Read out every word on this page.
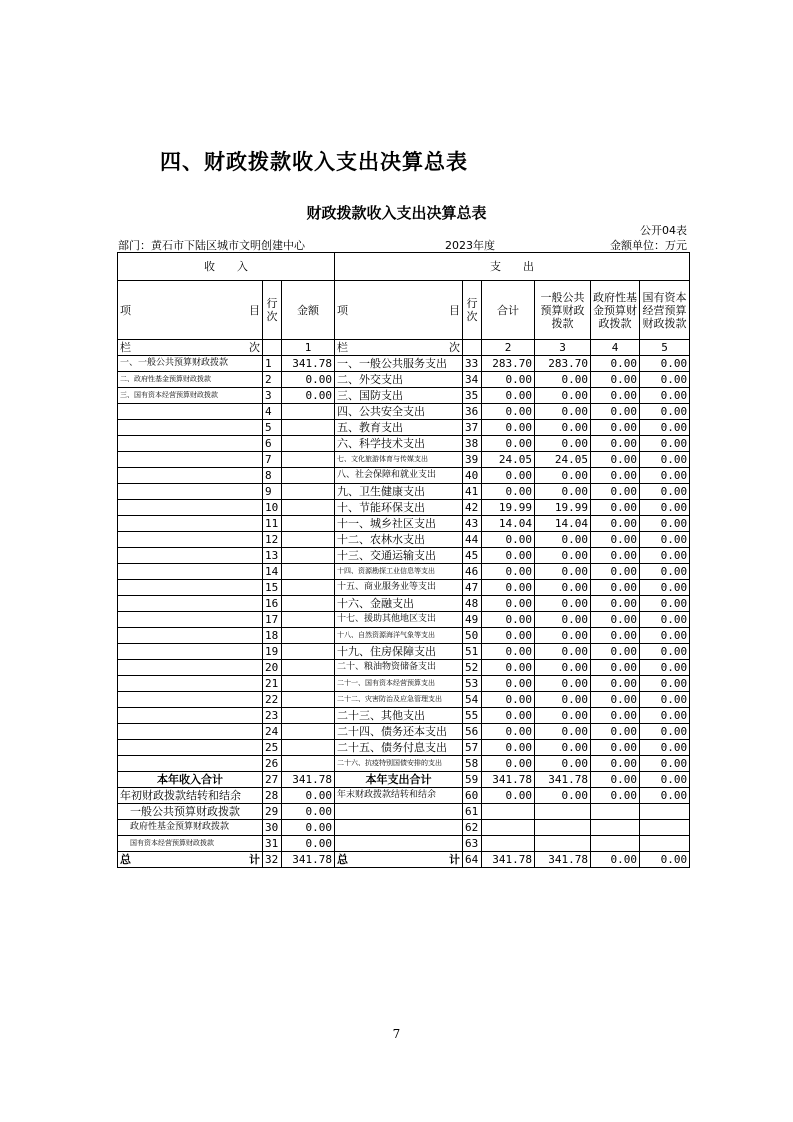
四、财政拨款收入支出决算总表
财政拨款收入支出决算总表
公开04表
部门：黄石市下陆区城市文明创建中心	2023年度	金额单位：万元
收　　入			支　　出					

项 目	行次	金额	项 目	行次	合计	一般公共预算财政拨款	政府性基金预算财政拨款	国有资本经营预算财政拨款

栏 次		1	栏 次		2	3	4	5
一、一般公共预算财政拨款	1	341.78	一、一般公共服务支出	33	283.70	283.70	0.00	0.00
二、政府性基金预算财政拨款	2	0.00	二、外交支出	34	0.00	0.00	0.00	0.00
三、国有资本经营预算财政拨款	3	0.00	三、国防支出	35	0.00	0.00	0.00	0.00
	4		四、公共安全支出	36	0.00	0.00	0.00	0.00
	5		五、教育支出	37	0.00	0.00	0.00	0.00
	6		六、科学技术支出	38	0.00	0.00	0.00	0.00
	7		七、文化旅游体育与传媒支出	39	24.05	24.05	0.00	0.00
	8		八、社会保障和就业支出	40	0.00	0.00	0.00	0.00
	9		九、卫生健康支出	41	0.00	0.00	0.00	0.00
	10		十、节能环保支出	42	19.99	19.99	0.00	0.00
	11		十一、城乡社区支出	43	14.04	14.04	0.00	0.00
	12		十二、农林水支出	44	0.00	0.00	0.00	0.00
	13		十三、交通运输支出	45	0.00	0.00	0.00	0.00
	14		十四、资源勘探工业信息等支出	46	0.00	0.00	0.00	0.00
	15		十五、商业服务业等支出	47	0.00	0.00	0.00	0.00
	16		十六、金融支出	48	0.00	0.00	0.00	0.00
	17		十七、援助其他地区支出	49	0.00	0.00	0.00	0.00
	18		十八、自然资源海洋气象等支出	50	0.00	0.00	0.00	0.00
	19		十九、住房保障支出	51	0.00	0.00	0.00	0.00
	20		二十、粮油物资储备支出	52	0.00	0.00	0.00	0.00
	21		二十一、国有资本经营预算支出	53	0.00	0.00	0.00	0.00
	22		二十二、灾害防治及应急管理支出	54	0.00	0.00	0.00	0.00
	23		二十三、其他支出	55	0.00	0.00	0.00	0.00
	24		二十四、债务还本支出	56	0.00	0.00	0.00	0.00
	25		二十五、债务付息支出	57	0.00	0.00	0.00	0.00
	26		二十六、抗疫特别国债安排的支出	58	0.00	0.00	0.00	0.00
本年收入合计	27	341.78	本年支出合计	59	341.78	341.78	0.00	0.00
年初财政拨款结转和结余	28	0.00	年末财政拨款结转和结余	60	0.00	0.00	0.00	0.00
一般公共预算财政拨款	29	0.00		61				
政府性基金预算财政拨款	30	0.00		62				
国有资本经营预算财政拨款	31	0.00		63				

总 计	32	341.78	总 计	64	341.78	341.78	0.00	0.00
7
